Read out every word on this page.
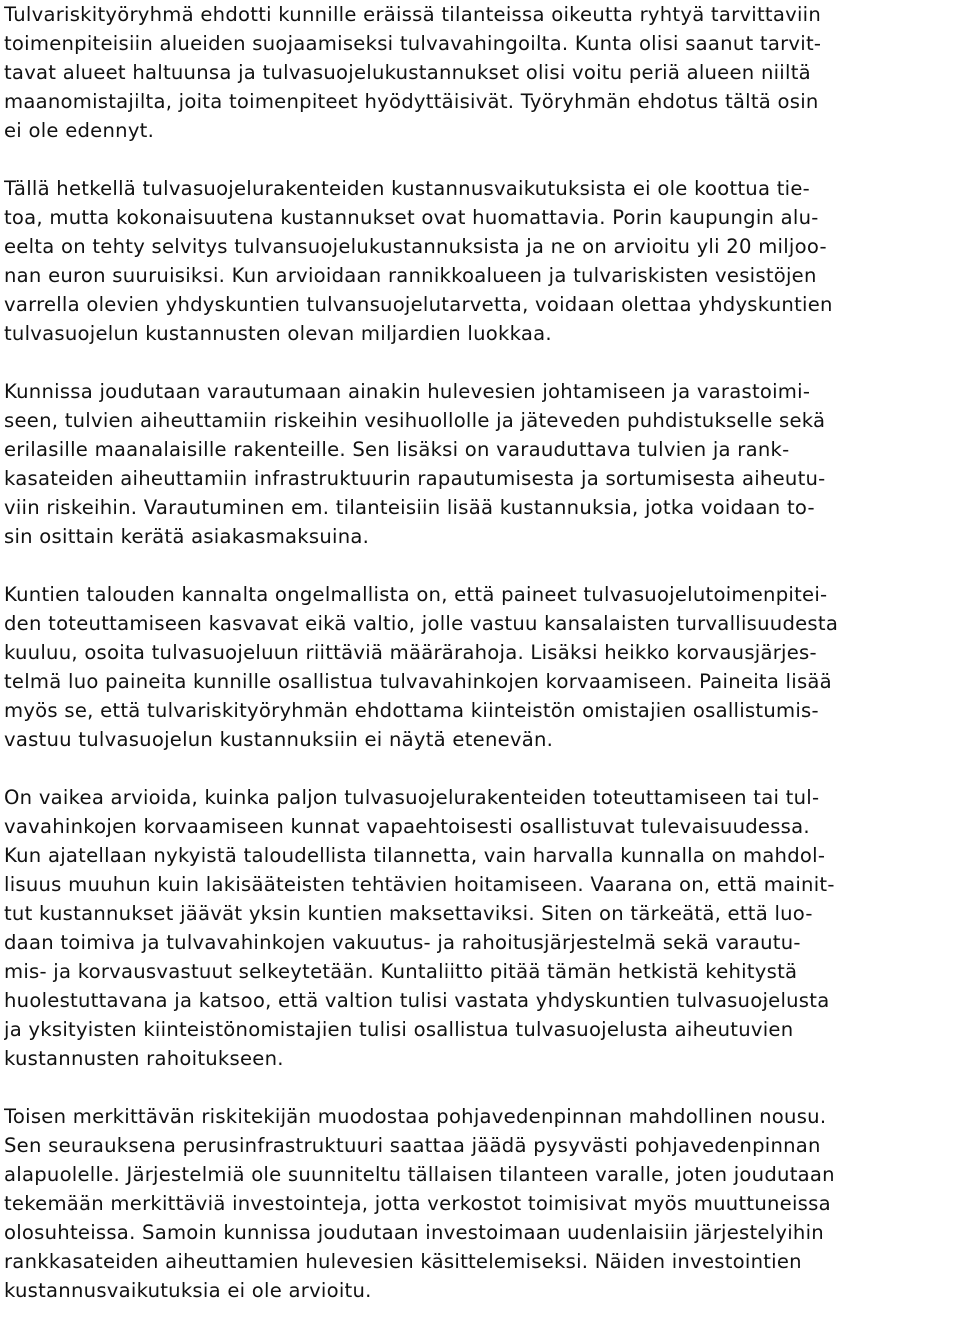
Tulvariskityöryhmä ehdotti kunnille eräissä tilanteissa oikeutta ryhtyä tarvittaviin
toimenpiteisiin alueiden suojaamiseksi tulvavahingoilta. Kunta olisi saanut tarvit-
tavat alueet haltuunsa ja tulvasuojelukustannukset olisi voitu periä alueen niiltä
maanomistajilta, joita toimenpiteet hyödyttäisivät. Työryhmän ehdotus tältä osin
ei ole edennyt.
Tällä hetkellä tulvasuojelurakenteiden kustannusvaikutuksista ei ole koottua tie-
toa, mutta kokonaisuutena kustannukset ovat huomattavia. Porin kaupungin alu-
eelta on tehty selvitys tulvansuojelukustannuksista ja ne on arvioitu yli 20 miljoo-
nan euron suuruisiksi. Kun arvioidaan rannikkoalueen ja tulvariskisten vesistöjen
varrella olevien yhdyskuntien tulvansuojelutarvetta, voidaan olettaa yhdyskuntien
tulvasuojelun kustannusten olevan miljardien luokkaa.
Kunnissa joudutaan varautumaan ainakin hulevesien johtamiseen ja varastoimi-
seen, tulvien aiheuttamiin riskeihin vesihuollolle ja jäteveden puhdistukselle sekä
erilasille maanalaisille rakenteille. Sen lisäksi on varauduttava tulvien ja rank-
kasateiden aiheuttamiin infrastruktuurin rapautumisesta ja sortumisesta aiheutu-
viin riskeihin. Varautuminen em. tilanteisiin lisää kustannuksia, jotka voidaan to-
sin osittain kerätä asiakasmaksuina.
Kuntien talouden kannalta ongelmallista on, että paineet tulvasuojelutoimenpitei-
den toteuttamiseen kasvavat eikä valtio, jolle vastuu kansalaisten turvallisuudesta
kuuluu, osoita tulvasuojeluun riittäviä määrärahoja. Lisäksi heikko korvausjärjes-
telmä luo paineita kunnille osallistua tulvavahinkojen korvaamiseen. Paineita lisää
myös se, että tulvariskityöryhmän ehdottama kiinteistön omistajien osallistumis-
vastuu tulvasuojelun kustannuksiin ei näytä etenevän.
On vaikea arvioida, kuinka paljon tulvasuojelurakenteiden toteuttamiseen tai tul-
vavahinkojen korvaamiseen kunnat vapaehtoisesti osallistuvat tulevaisuudessa.
Kun ajatellaan nykyistä taloudellista tilannetta, vain harvalla kunnalla on mahdol-
lisuus muuhun kuin lakisääteisten tehtävien hoitamiseen. Vaarana on, että mainit-
tut kustannukset jäävät yksin kuntien maksettaviksi. Siten on tärkeätä, että luo-
daan toimiva ja tulvavahinkojen vakuutus- ja rahoitusjärjestelmä sekä varautu-
mis- ja korvausvastuut selkeytetään. Kuntaliitto pitää tämän hetkistä kehitystä
huolestuttavana ja katsoo, että valtion tulisi vastata yhdyskuntien tulvasuojelusta
ja yksityisten kiinteistönomistajien tulisi osallistua tulvasuojelusta aiheutuvien
kustannusten rahoitukseen.
Toisen merkittävän riskitekijän muodostaa pohjavedenpinnan mahdollinen nousu.
Sen seurauksena perusinfrastruktuuri saattaa jäädä pysyvästi pohjavedenpinnan
alapuolelle. Järjestelmiä ole suunniteltu tällaisen tilanteen varalle, joten joudutaan
tekemään merkittäviä investointeja, jotta verkostot toimisivat myös muuttuneissa
olosuhteissa. Samoin kunnissa joudutaan investoimaan uudenlaisiin järjestelyihin
rankkasateiden aiheuttamien hulevesien käsittelemiseksi. Näiden investointien
kustannusvaikutuksia ei ole arvioitu.
